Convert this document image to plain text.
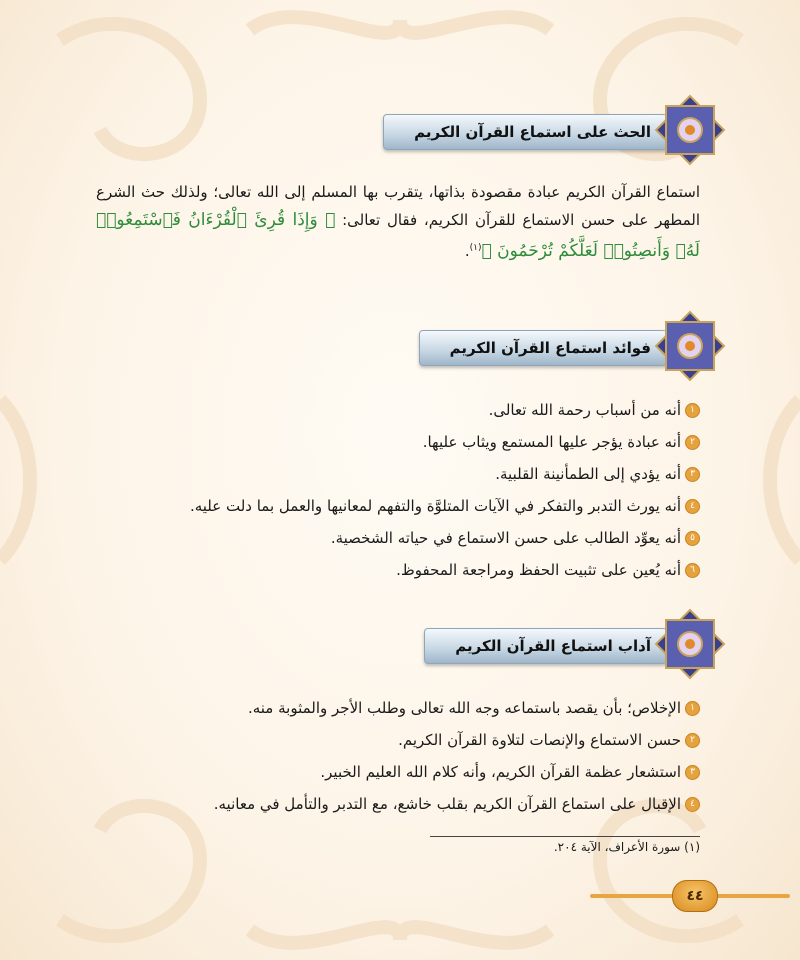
الحث على استماع القرآن الكريم

استماع القرآن الكريم عبادة مقصودة بذاتها، يتقرب بها المسلم إلى الله تعالى؛ ولذلك حث الشرع المطهر على حسن الاستماع للقرآن الكريم، فقال تعالى: ﴿ وَإِذَا قُرِئَ ٱلْقُرْءَانُ فَٱسْتَمِعُوا۟ لَهُۥ وَأَنصِتُوا۟ لَعَلَّكُمْ تُرْحَمُونَ ﴾$^{(١)}$.

فوائد استماع القرآن الكريم
١أنه من أسباب رحمة الله تعالى.
٢أنه عبادة يؤجر عليها المستمع ويثاب عليها.
٣أنه يؤدي إلى الطمأنينة القلبية.
٤أنه يورث التدبر والتفكر في الآيات المتلوَّة والتفهم لمعانيها والعمل بما دلت عليه.
٥أنه يعوِّد الطالب على حسن الاستماع في حياته الشخصية.
٦أنه يُعين على تثبيت الحفظ ومراجعة المحفوظ.
آداب استماع القرآن الكريم
١الإخلاص؛ بأن يقصد باستماعه وجه الله تعالى وطلب الأجر والمثوبة منه.
٢حسن الاستماع والإنصات لتلاوة القرآن الكريم.
٣استشعار عظمة القرآن الكريم، وأنه كلام الله العليم الخبير.
٤الإقبال على استماع القرآن الكريم بقلب خاشع، مع التدبر والتأمل في معانيه.
(١) سورة الأعراف، الآية ٢٠٤.
٤٤
